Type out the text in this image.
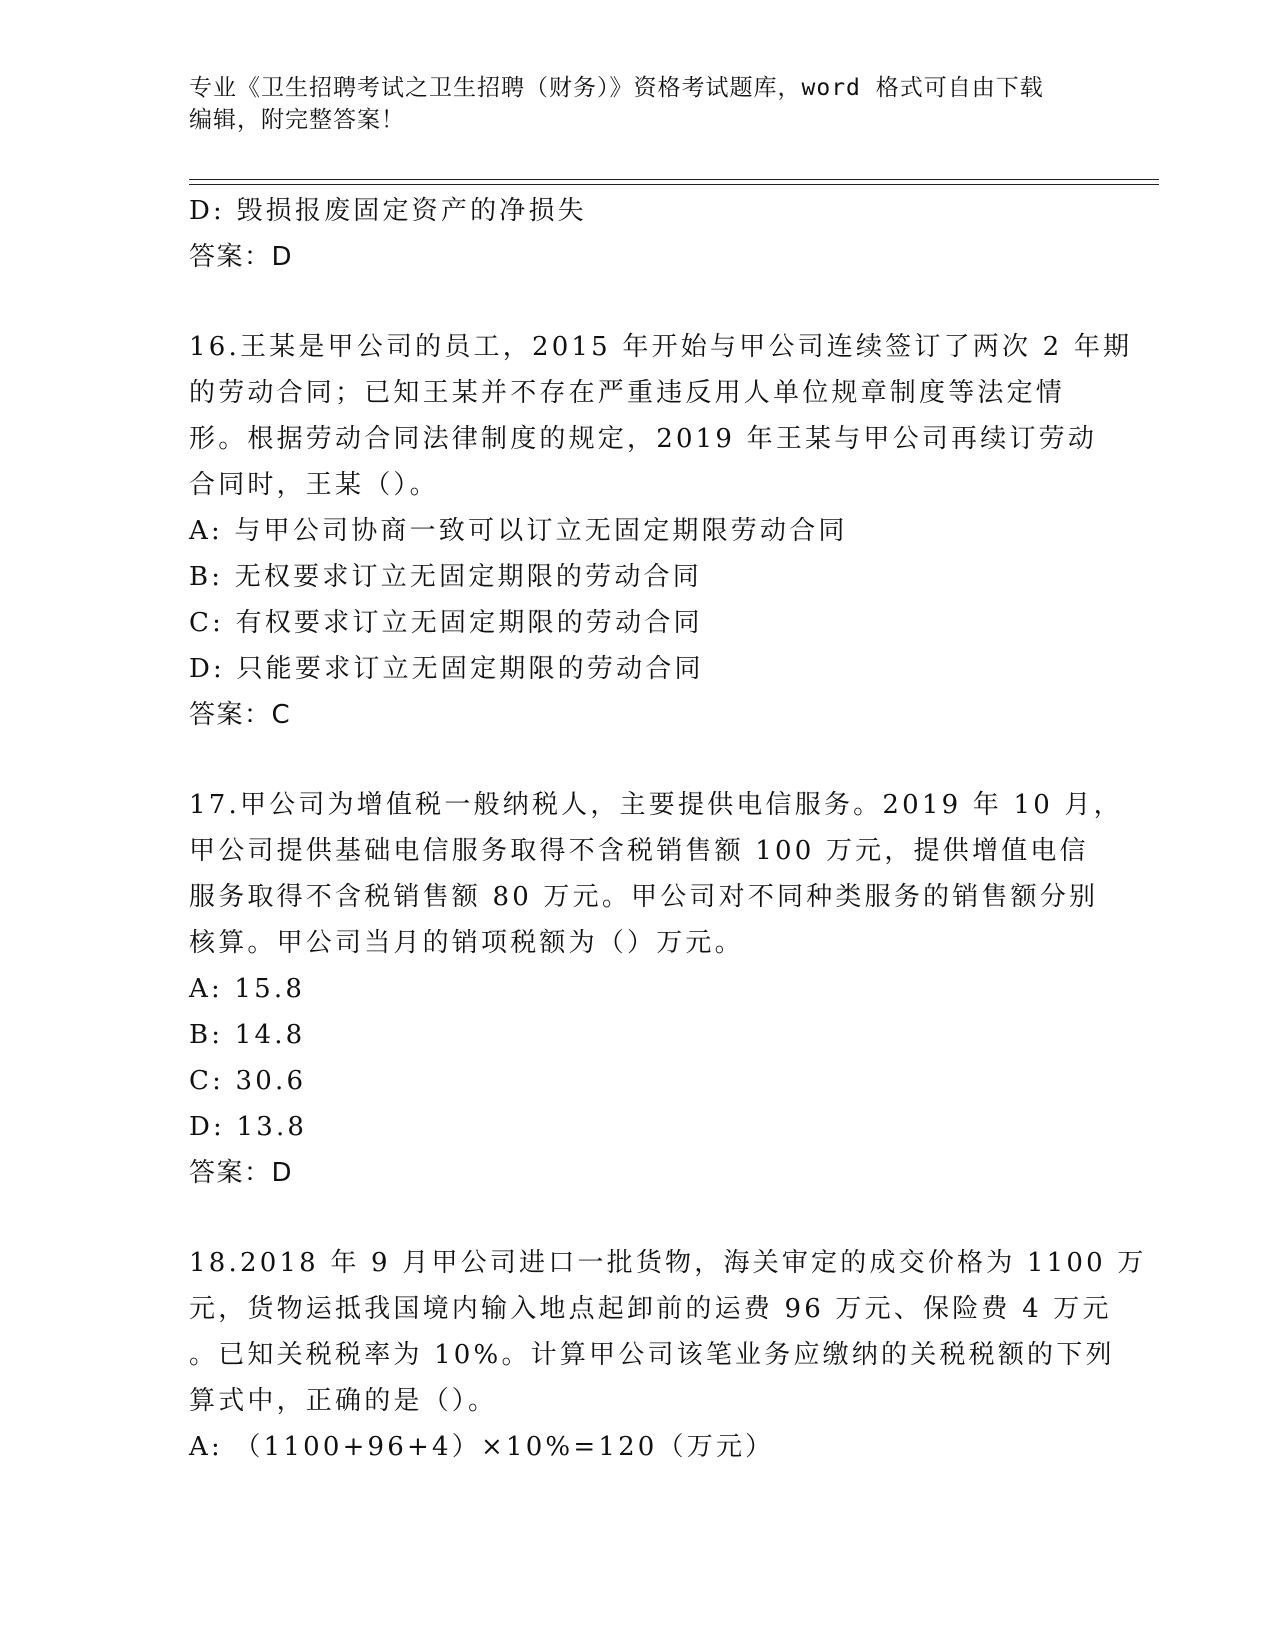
专业《卫生招聘考试之卫生招聘（财务）》资格考试题库，word 格式可自由下载
编辑，附完整答案！
D: 毁损报废固定资产的净损失
答案：D
16.王某是甲公司的员工，2015 年开始与甲公司连续签订了两次 2 年期
的劳动合同；已知王某并不存在严重违反用人单位规章制度等法定情
形。根据劳动合同法律制度的规定，2019 年王某与甲公司再续订劳动
合同时，王某（）。
A: 与甲公司协商一致可以订立无固定期限劳动合同
B: 无权要求订立无固定期限的劳动合同
C: 有权要求订立无固定期限的劳动合同
D: 只能要求订立无固定期限的劳动合同
答案：C
17.甲公司为增值税一般纳税人，主要提供电信服务。2019 年 10 月，
甲公司提供基础电信服务取得不含税销售额 100 万元，提供增值电信
服务取得不含税销售额 80 万元。甲公司对不同种类服务的销售额分别
核算。甲公司当月的销项税额为（）万元。
A: 15.8
B: 14.8
C: 30.6
D: 13.8
答案：D
18.2018 年 9 月甲公司进口一批货物，海关审定的成交价格为 1100 万
元，货物运抵我国境内输入地点起卸前的运费 96 万元、保险费 4 万元
。已知关税税率为 10%。计算甲公司该笔业务应缴纳的关税税额的下列
算式中，正确的是（）。
A: （1100+96+4）×10%=120（万元）
